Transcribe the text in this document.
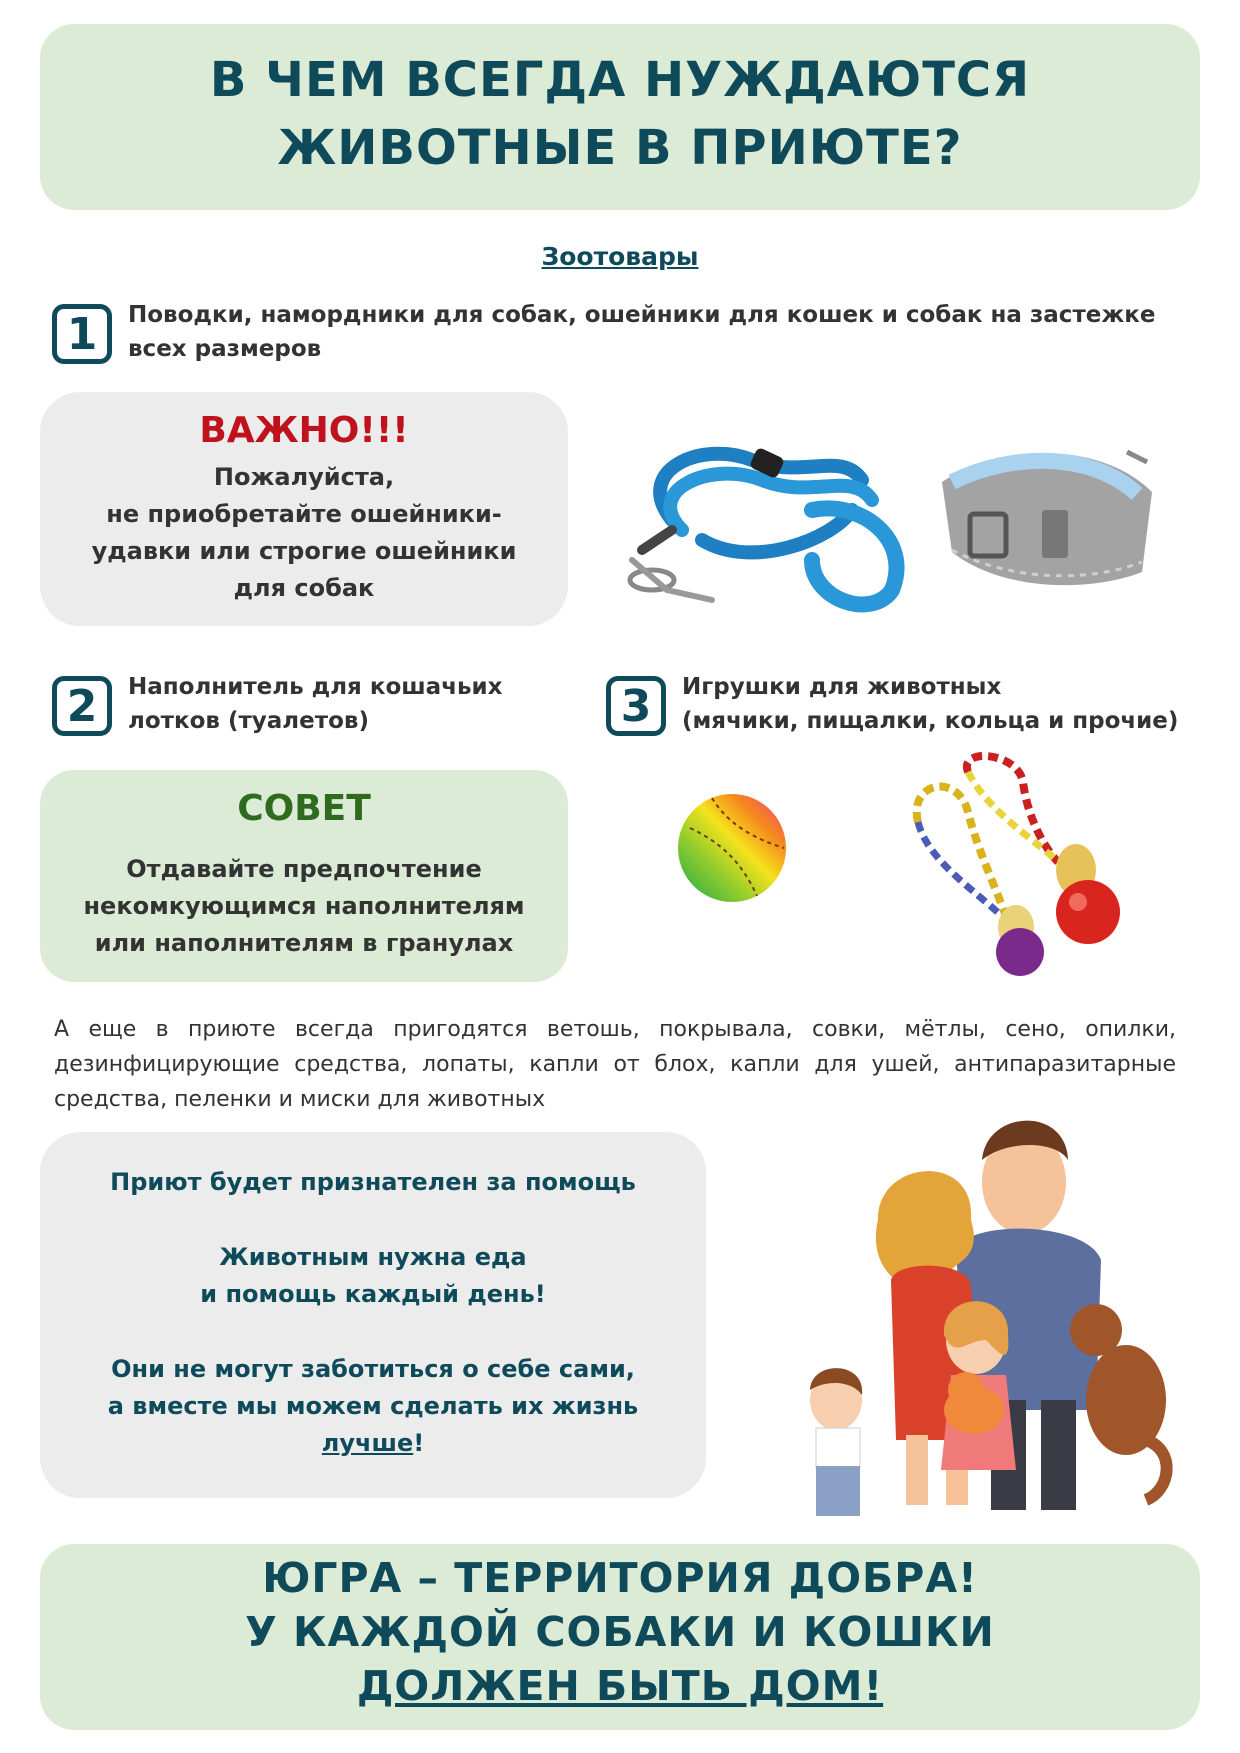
В ЧЕМ ВСЕГДА НУЖДАЮТСЯ
ЖИВОТНЫЕ В ПРИЮТЕ?
Зоотовары
1	Поводки, намордники для собак, ошейники для кошек и собак на застежке всех размеров
ВАЖНО!!!
Пожалуйста,
не приобретайте ошейники-
удавки или строгие ошейники
для собак
2	Наполнитель для кошачьих
лотков (туалетов)	3	Игрушки для животных
(мячики, пищалки, кольца и прочие)
СОВЕТ
Отдавайте предпочтение
некомкующимся наполнителям
или наполнителям в гранулах
А еще в приюте всегда пригодятся ветошь, покрывала, совки, мётлы, сено, опилки, дезинфицирующие средства, лопаты, капли от блох, капли для ушей, антипаразитарные средства, пеленки и миски для животных
Приют будет признателен за помощь
Животным нужна еда
и помощь каждый день!
Они не могут заботиться о себе сами,
а вместе мы можем сделать их жизнь
лучше!
ЮГРА – ТЕРРИТОРИЯ ДОБРА!
У КАЖДОЙ СОБАКИ И КОШКИ
ДОЛЖЕН БЫТЬ ДОМ!
